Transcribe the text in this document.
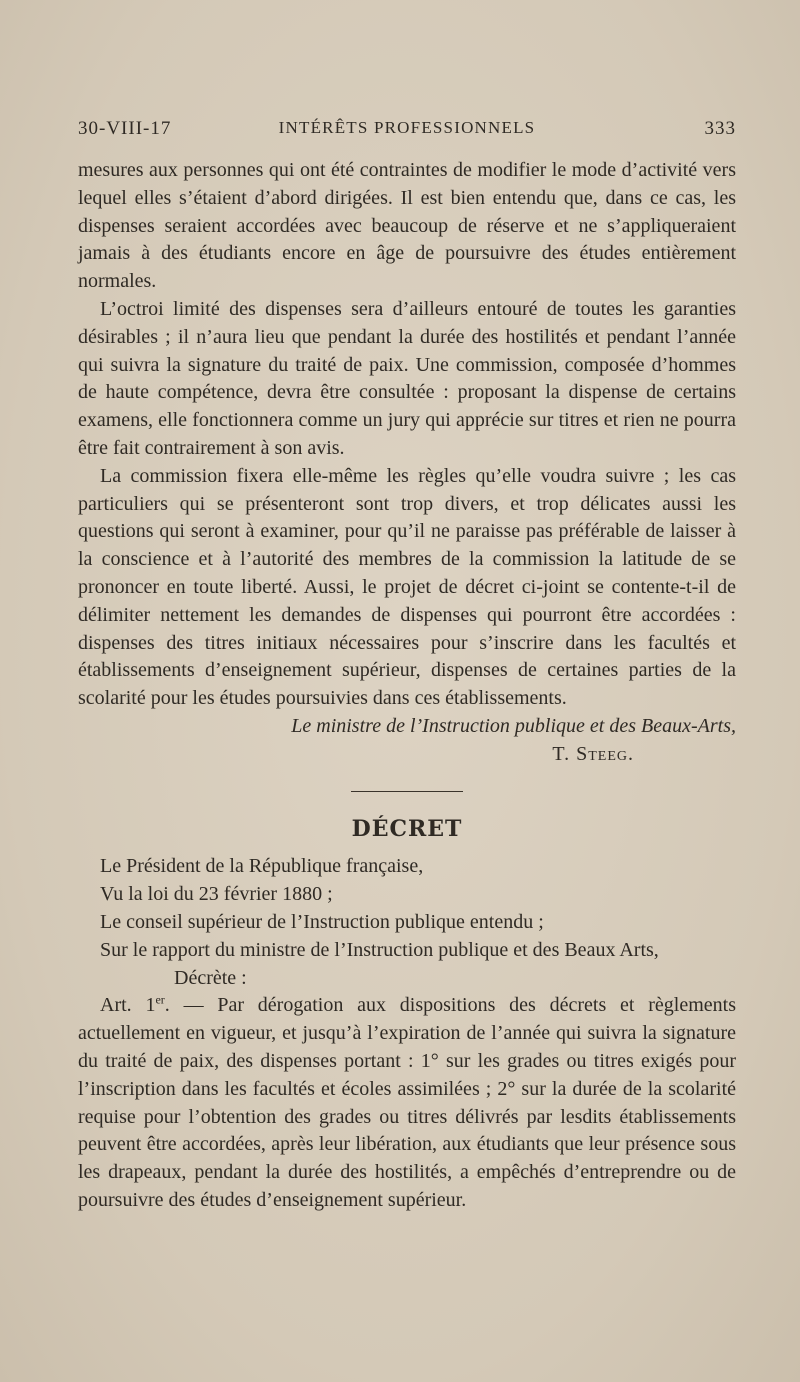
30-VIII-17	INTÉRÊTS PROFESSIONNELS	333

mesures aux personnes qui ont été contraintes de modifier le mode d’activité vers lequel elles s’étaient d’abord dirigées. Il est bien entendu que, dans ce cas, les dispenses seraient accordées avec beaucoup de réserve et ne s’appliqueraient jamais à des étudiants encore en âge de poursuivre des études entièrement normales.

L’octroi limité des dispenses sera d’ailleurs entouré de toutes les garanties désirables ; il n’aura lieu que pendant la durée des hostilités et pendant l’année qui suivra la signature du traité de paix. Une commission, composée d’hommes de haute compétence, devra être consultée : proposant la dispense de certains examens, elle fonctionnera comme un jury qui apprécie sur titres et rien ne pourra être fait contrairement à son avis.

La commission fixera elle-même les règles qu’elle voudra suivre ; les cas particuliers qui se présenteront sont trop divers, et trop délicates aussi les questions qui seront à examiner, pour qu’il ne paraisse pas préférable de laisser à la conscience et à l’autorité des membres de la commission la latitude de se prononcer en toute liberté. Aussi, le projet de décret ci-joint se contente-t-il de délimiter nettement les demandes de dispenses qui pourront être accordées : dispenses des titres initiaux nécessaires pour s’inscrire dans les facultés et établissements d’enseignement supérieur, dispenses de certaines parties de la scolarité pour les études poursuivies dans ces établissements.

Le ministre de l’Instruction publique et des Beaux-Arts,

T. Steeg.

DÉCRET

Le Président de la République française,

Vu la loi du 23 février 1880 ;

Le conseil supérieur de l’Instruction publique entendu ;

Sur le rapport du ministre de l’Instruction publique et des Beaux Arts,

Décrète :

Art. 1er. — Par dérogation aux dispositions des décrets et règlements actuellement en vigueur, et jusqu’à l’expiration de l’année qui suivra la signature du traité de paix, des dispenses portant : 1° sur les grades ou titres exigés pour l’inscription dans les facultés et écoles assimilées ; 2° sur la durée de la scolarité requise pour l’obtention des grades ou titres délivrés par lesdits établissements peuvent être accordées, après leur libération, aux étudiants que leur présence sous les drapeaux, pendant la durée des hostilités, a empêchés d’entreprendre ou de poursuivre des études d’enseignement supérieur.
